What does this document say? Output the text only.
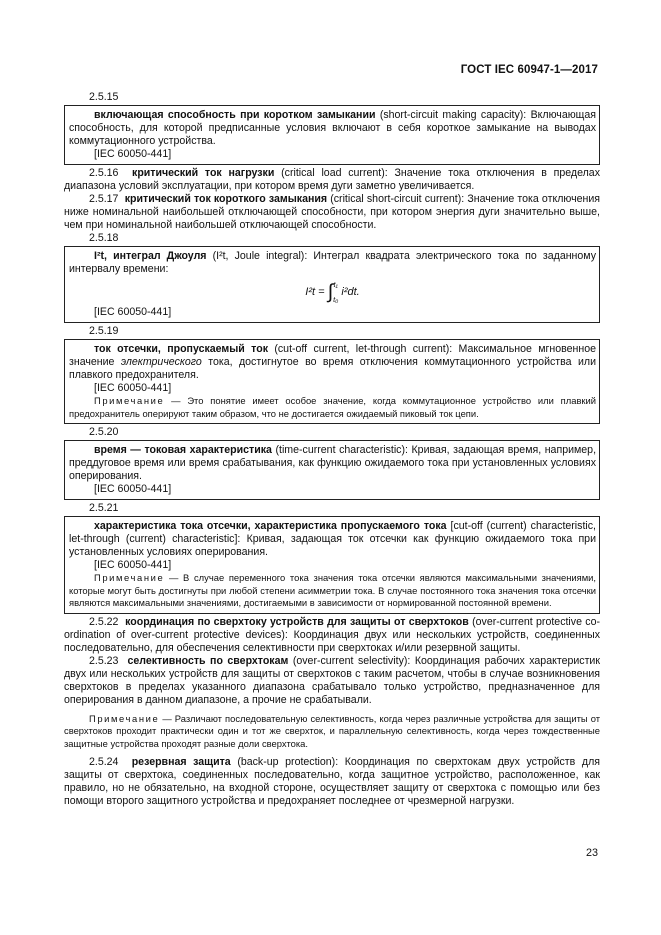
ГОСТ IEC 60947-1—2017

2.5.15

включающая способность при коротком замыкании (short-circuit making capacity): Включающая способность, для которой предписанные условия включают в себя короткое замыкание на выводах коммутационного устройства.

[IEC 60050-441]

2.5.16 критический ток нагрузки (critical load current): Значение тока отключения в пределах диапазона условий эксплуатации, при котором время дуги заметно увеличивается.

2.5.17 критический ток короткого замыкания (critical short-circuit current): Значение тока отключения ниже номинальной наибольшей отключающей способности, при котором энергия дуги значительно выше, чем при номинальной наибольшей отключающей способности.

2.5.18

I²t, интеграл Джоуля (I²t, Joule integral): Интеграл квадрата электрического тока по заданному интервалу времени:

I²t = ∫ t₁
t₀
i²dt.

[IEC 60050-441]

2.5.19

ток отсечки, пропускаемый ток (cut-off current, let-through current): Максимальное мгновенное значение электрического тока, достигнутое во время отключения коммутационного устройства или плавкого предохранителя.

[IEC 60050-441]

Примечание — Это понятие имеет особое значение, когда коммутационное устройство или плавкий предохранитель оперируют таким образом, что не достигается ожидаемый пиковый ток цепи.

2.5.20

время — токовая характеристика (time-current characteristic): Кривая, задающая время, например, преддуговое время или время срабатывания, как функцию ожидаемого тока при установленных условиях оперирования.

[IEC 60050-441]

2.5.21

характеристика тока отсечки, характеристика пропускаемого тока [cut-off (current) characteristic, let-through (current) characteristic]: Кривая, задающая ток отсечки как функцию ожидаемого тока при установленных условиях оперирования.

[IEC 60050-441]

Примечание — В случае переменного тока значения тока отсечки являются максимальными значениями, которые могут быть достигнуты при любой степени асимметрии тока. В случае постоянного тока значения тока отсечки являются максимальными значениями, достигаемыми в зависимости от нормированной постоянной времени.

2.5.22 координация по сверхтоку устройств для защиты от сверхтоков (over-current protective co-ordination of over-current protective devices): Координация двух или нескольких устройств, соединенных последовательно, для обеспечения селективности при сверхтоках и/или резервной защиты.

2.5.23 селективность по сверхтокам (over-current selectivity): Координация рабочих характеристик двух или нескольких устройств для защиты от сверхтоков с таким расчетом, чтобы в случае возникновения сверхтоков в пределах указанного диапазона срабатывало только устройство, предназначенное для оперирования в данном диапазоне, а прочие не срабатывали.

Примечание — Различают последовательную селективность, когда через различные устройства для защиты от сверхтоков проходит практически один и тот же сверхток, и параллельную селективность, когда через тождественные защитные устройства проходят разные доли сверхтока.

2.5.24 резервная защита (back-up protection): Координация по сверхтокам двух устройств для защиты от сверхтока, соединенных последовательно, когда защитное устройство, расположенное, как правило, но не обязательно, на входной стороне, осуществляет защиту от сверхтока с помощью или без помощи второго защитного устройства и предохраняет последнее от чрезмерной нагрузки.

23
